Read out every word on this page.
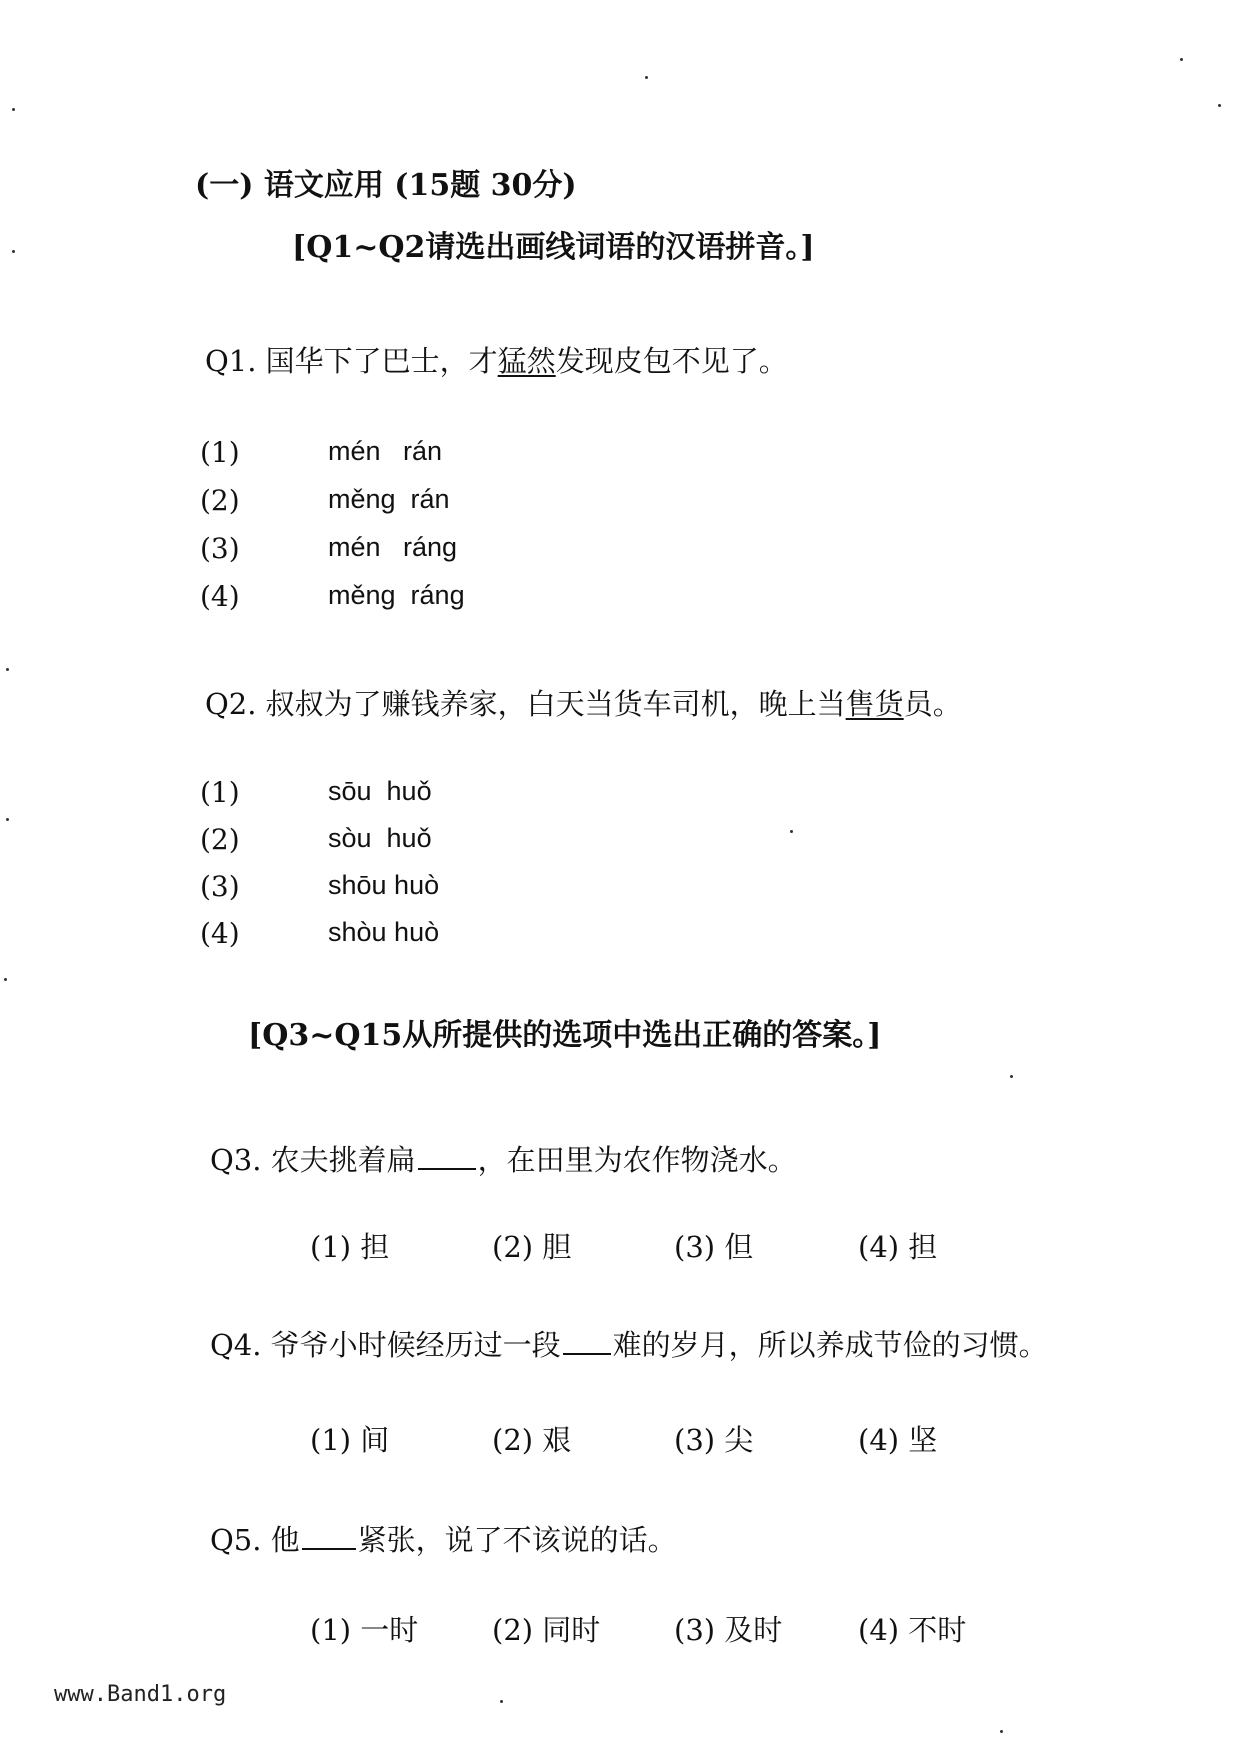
(一) 语文应用 (15题 30分)
[Q1~Q2请选出画线词语的汉语拼音。]
Q1. 国华下了巴士，才猛然发现皮包不见了。
(1)	mén   rán
(2)	měng  rán
(3)	mén   ráng
(4)	měng  ráng
Q2. 叔叔为了赚钱养家，白天当货车司机，晚上当售货员。
(1)	sōu  huǒ
(2)	sòu  huǒ
(3)	shōu huò
(4)	shòu huò
[Q3~Q15从所提供的选项中选出正确的答案。]
Q3. 农夫挑着扁 ，在田里为农作物浇水。
(1) 担	(2) 胆	(3) 但	(4) 担
Q4. 爷爷小时候经历过一段 难的岁月，所以养成节俭的习惯。
(1) 间	(2) 艰	(3) 尖	(4) 坚
Q5. 他 紧张，说了不该说的话。
(1) 一时	(2) 同时	(3) 及时	(4) 不时
www.Band1.org
